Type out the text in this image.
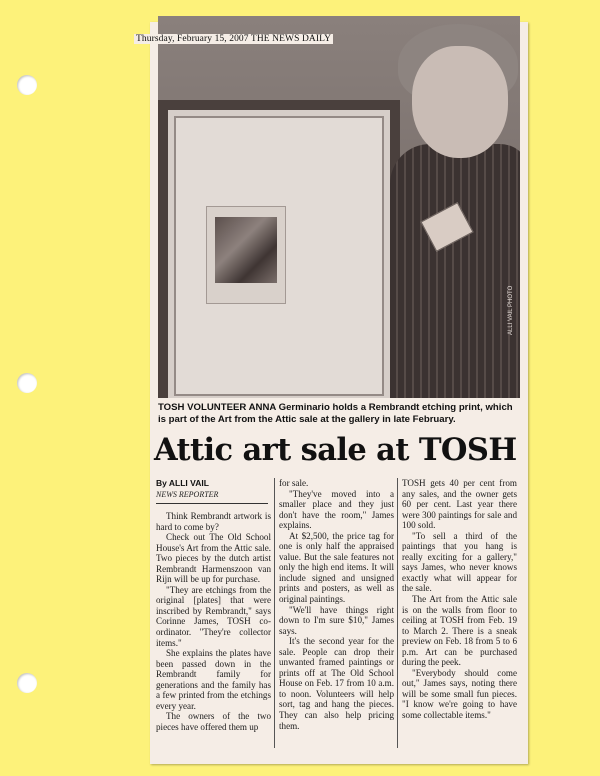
ALLI VAIL PHOTO
Thursday, February 15, 2007 THE NEWS DAILY

TOSH VOLUNTEER ANNA Germinario holds a Rembrandt etching print, which is part of the Art from the Attic sale at the gallery in late February.

Attic art sale at TOSH
By ALLI VAIL
NEWS REPORTER

Think Rembrandt artwork is hard to come by?

Check out The Old School House's Art from the Attic sale. Two pieces by the dutch artist Rembrandt Harmenszoon van Rijn will be up for purchase.

"They are etchings from the original [plates] that were inscribed by Rembrandt," says Corinne James, TOSH co-ordinator. "They're collector items."

She explains the plates have been passed down in the Rembrandt family for generations and the family has a few printed from the etchings every year.

The owners of the two pieces have offered them up

for sale.

"They've moved into a smaller place and they just don't have the room," James explains.

At $2,500, the price tag for one is only half the appraised value. But the sale features not only the high end items. It will include signed and unsigned prints and posters, as well as original paintings.

"We'll have things right down to I'm sure $10," James says.

It's the second year for the sale. People can drop their unwanted framed paintings or prints off at The Old School House on Feb. 17 from 10 a.m. to noon. Volunteers will help sort, tag and hang the pieces. They can also help pricing them.

TOSH gets 40 per cent from any sales, and the owner gets 60 per cent. Last year there were 300 paintings for sale and 100 sold.

"To sell a third of the paintings that you hang is really exciting for a gallery," says James, who never knows exactly what will appear for the sale.

The Art from the Attic sale is on the walls from floor to ceiling at TOSH from Feb. 19 to March 2. There is a sneak preview on Feb. 18 from 5 to 6 p.m. Art can be purchased during the peek.

"Everybody should come out," James says, noting there will be some small fun pieces. "I know we're going to have some collectable items."
